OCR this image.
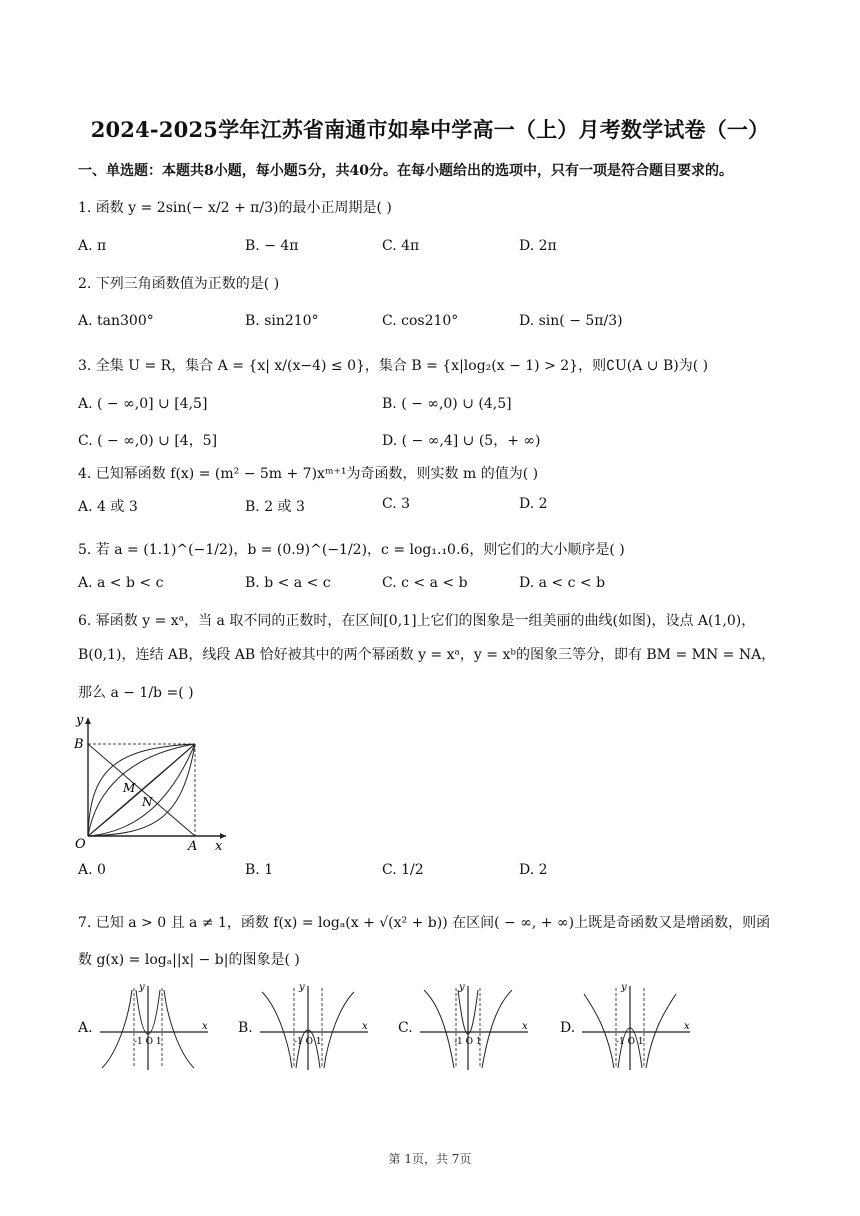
2024-2025学年江苏省南通市如皋中学高一（上）月考数学试卷（一）
一、单选题：本题共8小题，每小题5分，共40分。在每小题给出的选项中，只有一项是符合题目要求的。
1. 函数 y = 2sin(− x/2 + π/3)的最小正周期是( )
A. π	B. − 4π	C. 4π	D. 2π
2. 下列三角函数值为正数的是( )
A. tan300°	B. sin210°	C. cos210°	D. sin( − 5π/3)
3. 全集 U = R，集合 A = {x| x/(x−4) ≤ 0}，集合 B = {x|log₂(x − 1) > 2}，则∁U(A ∪ B)为( )
A. ( − ∞,0] ∪ [4,5]	B. ( − ∞,0) ∪ (4,5]
C. ( − ∞,0) ∪ [4，5]	D. ( − ∞,4] ∪ (5，+ ∞)
4. 已知幂函数 f(x) = (m² − 5m + 7)xᵐ⁺¹为奇函数，则实数 m 的值为( )
A. 4 或 3	B. 2 或 3	C. 3	D. 2
5. 若 a = (1.1)^(−1/2)，b = (0.9)^(−1/2)，c = log₁.₁0.6，则它们的大小顺序是( )
A. a < b < c	B. b < a < c	C. c < a < b	D. a < c < b
6. 幂函数 y = xᵃ，当 a 取不同的正数时，在区间[0,1]上它们的图象是一组美丽的曲线(如图)，设点 A(1,0)，
B(0,1)，连结 AB，线段 AB 恰好被其中的两个幂函数 y = xᵃ，y = xᵇ的图象三等分，即有 BM = MN = NA，
那么 a − 1/b =( )
y
B
M
N
O	A x
A. 0	B. 1	C. 1/2	D. 2
7. 已知 a > 0 且 a ≠ 1，函数 f(x) = logₐ(x + √(x² + b)) 在区间( − ∞, + ∞)上既是奇函数又是增函数，则函
数 g(x) = logₐ||x| − b|的图象是( )
A.
y
x
-1 O 1
B.
y
x
-1 O 1
C.
y
x
-1 O 1
D.
y
x
-1 O 1
第 1页，共 7页
